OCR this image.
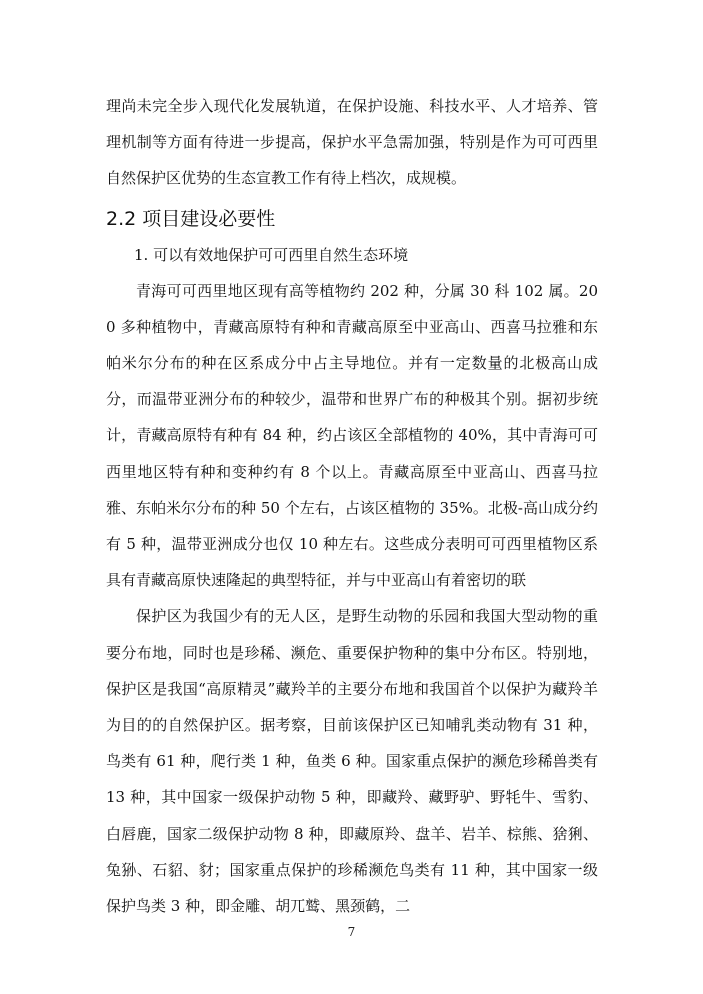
理尚未完全步入现代化发展轨道，在保护设施、科技水平、人才培养、管理机制等方面有待进一步提高，保护水平急需加强，特别是作为可可西里自然保护区优势的生态宣教工作有待上档次，成规模。

2.2 项目建设必要性

1. 可以有效地保护可可西里自然生态环境

青海可可西里地区现有高等植物约 202 种，分属 30 科 102 属。200 多种植物中，青藏高原特有种和青藏高原至中亚高山、西喜马拉雅和东帕米尔分布的种在区系成分中占主导地位。并有一定数量的北极高山成分，而温带亚洲分布的种较少，温带和世界广布的种极其个别。据初步统计，青藏高原特有种有 84 种，约占该区全部植物的 40%，其中青海可可西里地区特有种和变种约有 8 个以上。青藏高原至中亚高山、西喜马拉雅、东帕米尔分布的种 50 个左右，占该区植物的 35%。北极-高山成分约有 5 种，温带亚洲成分也仅 10 种左右。这些成分表明可可西里植物区系具有青藏高原快速隆起的典型特征，并与中亚高山有着密切的联

保护区为我国少有的无人区，是野生动物的乐园和我国大型动物的重要分布地，同时也是珍稀、濒危、重要保护物种的集中分布区。特别地，保护区是我国“高原精灵”藏羚羊的主要分布地和我国首个以保护为藏羚羊为目的的自然保护区。据考察，目前该保护区已知哺乳类动物有 31 种，鸟类有 61 种，爬行类 1 种，鱼类 6 种。国家重点保护的濒危珍稀兽类有 13 种，其中国家一级保护动物 5 种，即藏羚、藏野驴、野牦牛、雪豹、白唇鹿，国家二级保护动物 8 种，即藏原羚、盘羊、岩羊、棕熊、猞猁、兔狲、石貂、豺；国家重点保护的珍稀濒危鸟类有 11 种，其中国家一级保护鸟类 3 种，即金雕、胡兀鹫、黑颈鹤，二

7
